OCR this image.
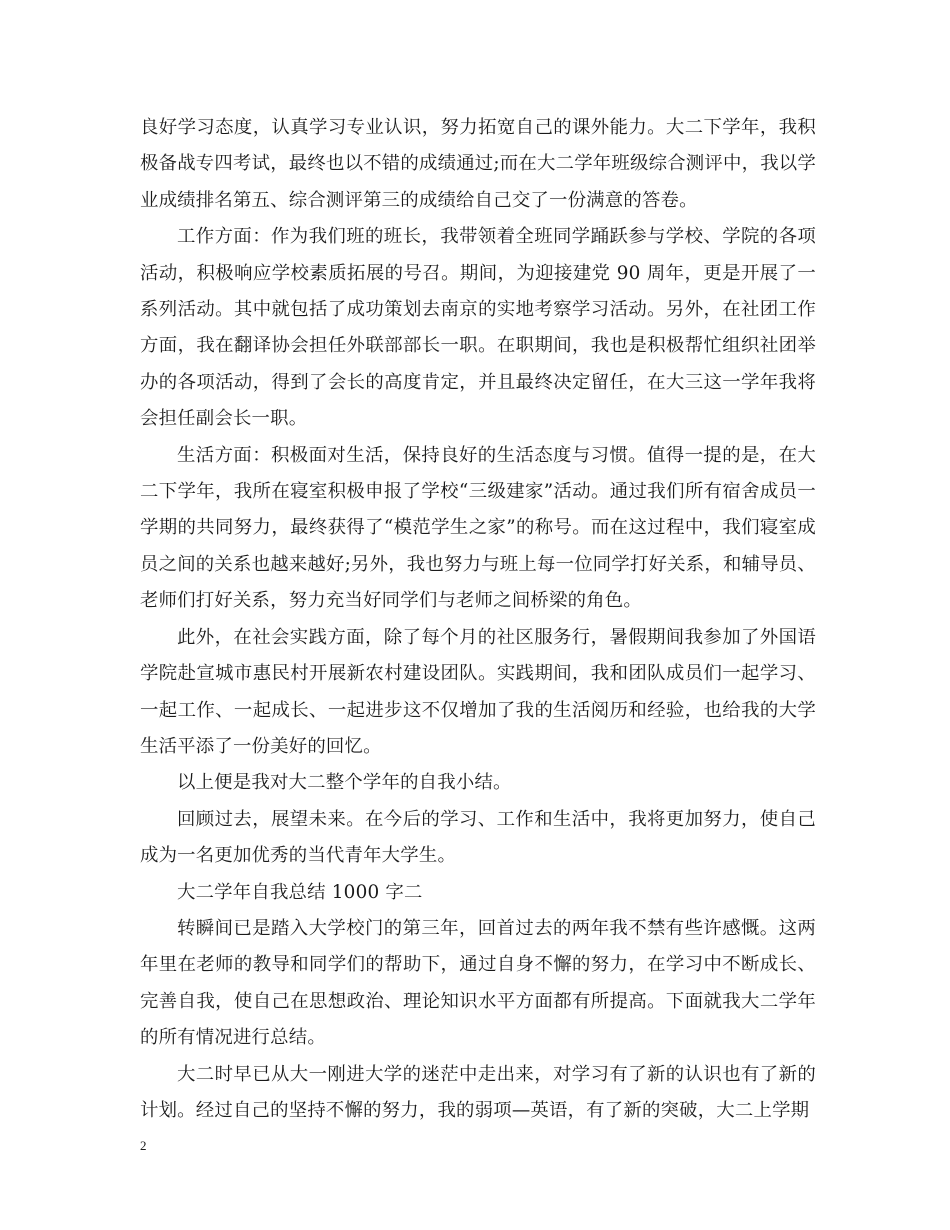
良好学习态度，认真学习专业认识，努力拓宽自己的课外能力。大二下学年，我积极备战专四考试，最终也以不错的成绩通过;而在大二学年班级综合测评中，我以学业成绩排名第五、综合测评第三的成绩给自己交了一份满意的答卷。

工作方面：作为我们班的班长，我带领着全班同学踊跃参与学校、学院的各项活动，积极响应学校素质拓展的号召。期间，为迎接建党 90 周年，更是开展了一系列活动。其中就包括了成功策划去南京的实地考察学习活动。另外，在社团工作方面，我在翻译协会担任外联部部长一职。在职期间，我也是积极帮忙组织社团举办的各项活动，得到了会长的高度肯定，并且最终决定留任，在大三这一学年我将会担任副会长一职。

生活方面：积极面对生活，保持良好的生活态度与习惯。值得一提的是，在大二下学年，我所在寝室积极申报了学校“三级建家”活动。通过我们所有宿舍成员一学期的共同努力，最终获得了“模范学生之家”的称号。而在这过程中，我们寝室成员之间的关系也越来越好;另外，我也努力与班上每一位同学打好关系，和辅导员、老师们打好关系，努力充当好同学们与老师之间桥梁的角色。

此外，在社会实践方面，除了每个月的社区服务行，暑假期间我参加了外国语学院赴宣城市惠民村开展新农村建设团队。实践期间，我和团队成员们一起学习、一起工作、一起成长、一起进步这不仅增加了我的生活阅历和经验，也给我的大学生活平添了一份美好的回忆。

以上便是我对大二整个学年的自我小结。

回顾过去，展望未来。在今后的学习、工作和生活中，我将更加努力，使自己成为一名更加优秀的当代青年大学生。

大二学年自我总结 1000 字二

转瞬间已是踏入大学校门的第三年，回首过去的两年我不禁有些许感慨。这两年里在老师的教导和同学们的帮助下，通过自身不懈的努力，在学习中不断成长、完善自我，使自己在思想政治、理论知识水平方面都有所提高。下面就我大二学年的所有情况进行总结。

大二时早已从大一刚进大学的迷茫中走出来，对学习有了新的认识也有了新的计划。经过自己的坚持不懈的努力，我的弱项—英语，有了新的突破，大二上学期

2
